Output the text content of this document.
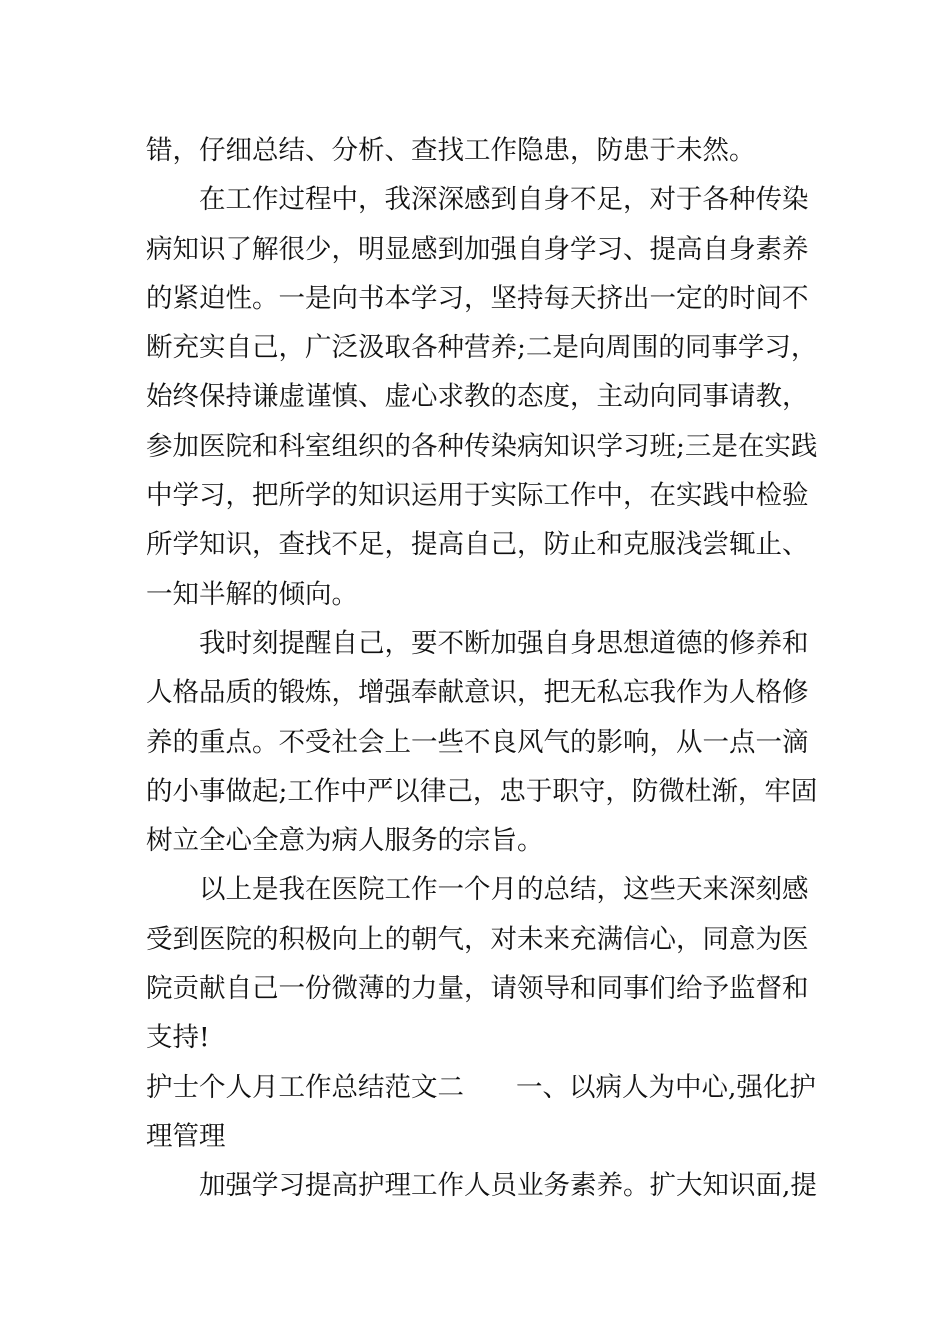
错，仔细总结、分析、查找工作隐患，防患于未然。
在工作过程中，我深深感到自身不足，对于各种传染
病知识了解很少，明显感到加强自身学习、提高自身素养
的紧迫性。一是向书本学习，坚持每天挤出一定的时间不
断充实自己，广泛汲取各种营养;二是向周围的同事学习，
始终保持谦虚谨慎、虚心求教的态度，主动向同事请教，
参加医院和科室组织的各种传染病知识学习班;三是在实践
中学习，把所学的知识运用于实际工作中，在实践中检验
所学知识，查找不足，提高自己，防止和克服浅尝辄止、
一知半解的倾向。
我时刻提醒自己，要不断加强自身思想道德的修养和
人格品质的锻炼，增强奉献意识，把无私忘我作为人格修
养的重点。不受社会上一些不良风气的影响，从一点一滴
的小事做起;工作中严以律己，忠于职守，防微杜渐，牢固
树立全心全意为病人服务的宗旨。
以上是我在医院工作一个月的总结，这些天来深刻感
受到医院的积极向上的朝气，对未来充满信心，同意为医
院贡献自己一份微薄的力量，请领导和同事们给予监督和
支持!
护士个人月工作总结范文二 一、以病人为中心,强化护
理管理
加强学习提高护理工作人员业务素养。扩大知识面,提
